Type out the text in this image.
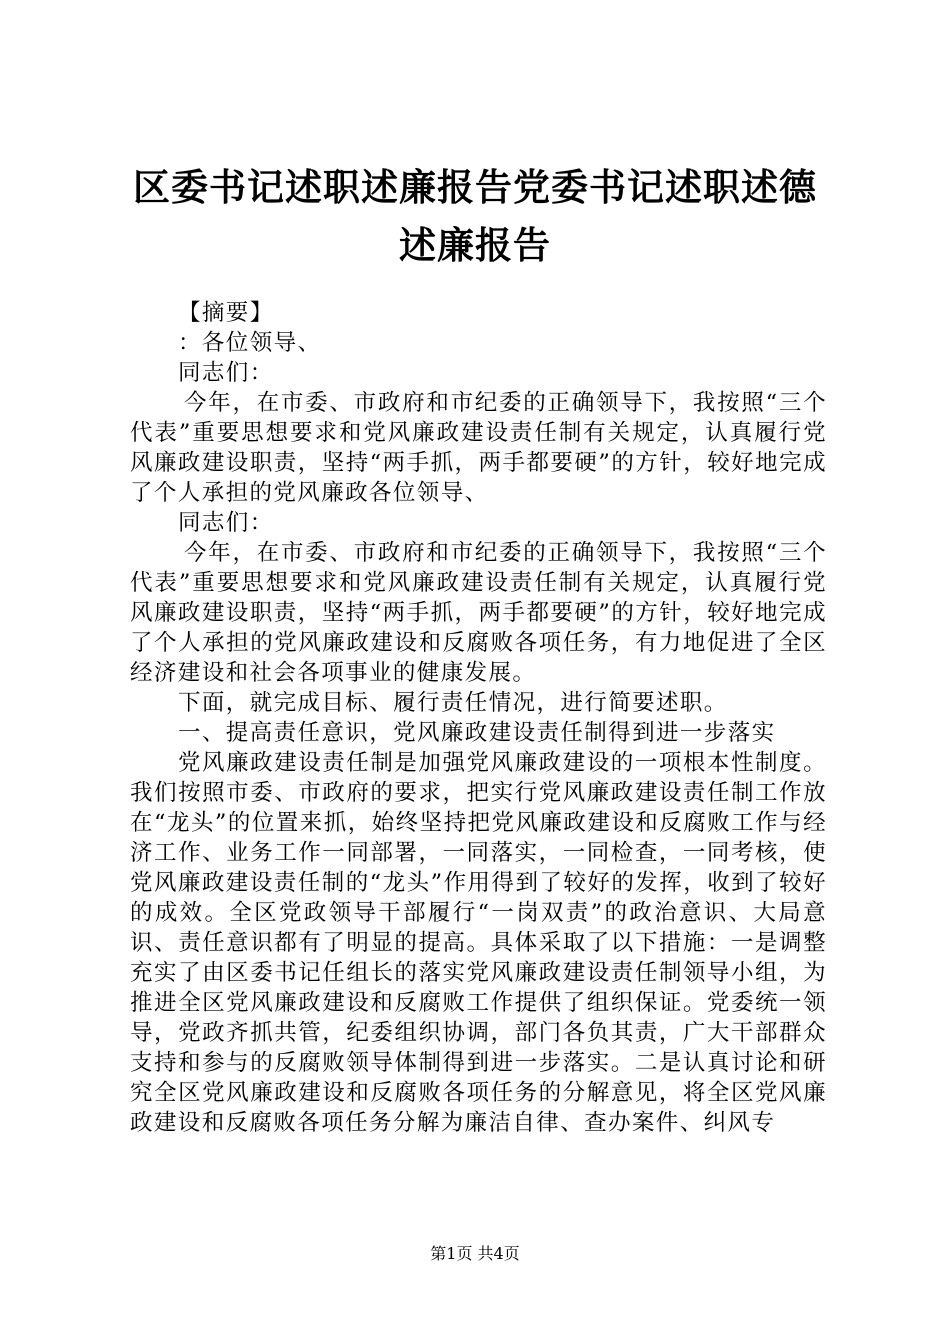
区委书记述职述廉报告党委书记述职述德述廉报告

【摘要】

：各位领导、

同志们：

今年，在市委、市政府和市纪委的正确领导下，我按照“三个代表”重要思想要求和党风廉政建设责任制有关规定，认真履行党风廉政建设职责，坚持“两手抓，两手都要硬”的方针，较好地完成了个人承担的党风廉政各位领导、

同志们：

今年，在市委、市政府和市纪委的正确领导下，我按照“三个代表”重要思想要求和党风廉政建设责任制有关规定，认真履行党风廉政建设职责，坚持“两手抓，两手都要硬”的方针，较好地完成了个人承担的党风廉政建设和反腐败各项任务，有力地促进了全区经济建设和社会各项事业的健康发展。

下面，就完成目标、履行责任情况，进行简要述职。

一、提高责任意识，党风廉政建设责任制得到进一步落实

党风廉政建设责任制是加强党风廉政建设的一项根本性制度。我们按照市委、市政府的要求，把实行党风廉政建设责任制工作放在“龙头”的位置来抓，始终坚持把党风廉政建设和反腐败工作与经济工作、业务工作一同部署，一同落实，一同检查，一同考核，使党风廉政建设责任制的“龙头”作用得到了较好的发挥，收到了较好的成效。全区党政领导干部履行“一岗双责”的政治意识、大局意识、责任意识都有了明显的提高。具体采取了以下措施：一是调整充实了由区委书记任组长的落实党风廉政建设责任制领导小组，为推进全区党风廉政建设和反腐败工作提供了组织保证。党委统一领导，党政齐抓共管，纪委组织协调，部门各负其责，广大干部群众支持和参与的反腐败领导体制得到进一步落实。二是认真讨论和研究全区党风廉政建设和反腐败各项任务的分解意见，将全区党风廉政建设和反腐败各项任务分解为廉洁自律、查办案件、纠风专

第1页 共4页
